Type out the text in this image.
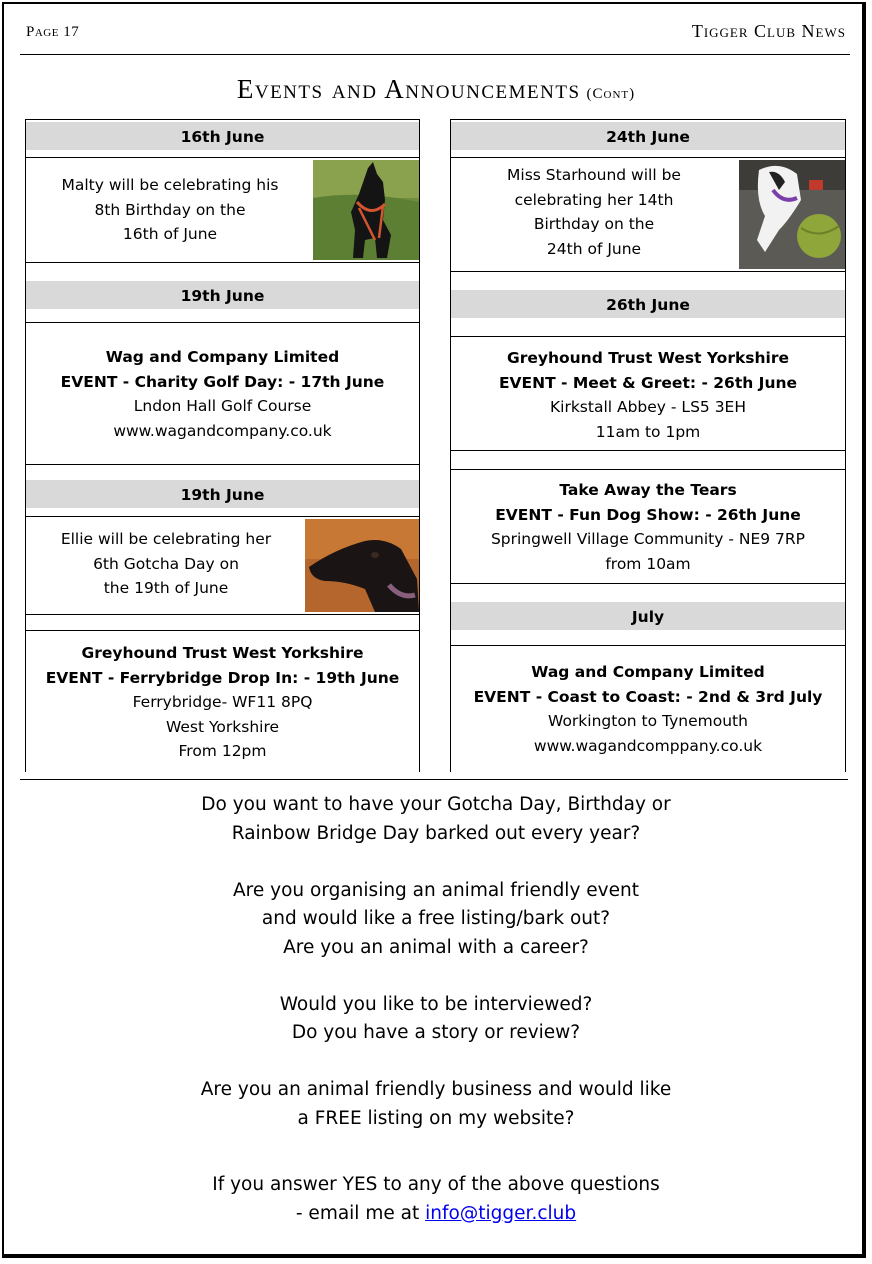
Page 17	Tigger Club News
Events and Announcements (Cont)
16th June
Malty will be celebrating his
8th Birthday on the
16th of June
19th June
Wag and Company Limited
EVENT - Charity Golf Day: - 17th June
Lndon Hall Golf Course
www.wagandcompany.co.uk
19th June
Ellie will be celebrating her
6th Gotcha Day on
the 19th of June
Greyhound Trust West Yorkshire
EVENT - Ferrybridge Drop In: - 19th June
Ferrybridge- WF11 8PQ
West Yorkshire
From 12pm
24th June
Miss Starhound will be
celebrating her 14th
Birthday on the
24th of June
26th June
Greyhound Trust West Yorkshire
EVENT - Meet & Greet: - 26th June
Kirkstall Abbey - LS5 3EH
11am to 1pm
Take Away the Tears
EVENT - Fun Dog Show: - 26th June
Springwell Village Community - NE9 7RP
from 10am
July
Wag and Company Limited
EVENT - Coast to Coast: - 2nd & 3rd July
Workington to Tynemouth
www.wagandcomppany.co.uk
Do you want to have your Gotcha Day, Birthday or
Rainbow Bridge Day barked out every year?
Are you organising an animal friendly event
and would like a free listing/bark out?
Are you an animal with a career?
Would you like to be interviewed?
Do you have a story or review?
Are you an animal friendly business and would like
a FREE listing on my website?
If you answer YES to any of the above questions
- email me at info@tigger.club
